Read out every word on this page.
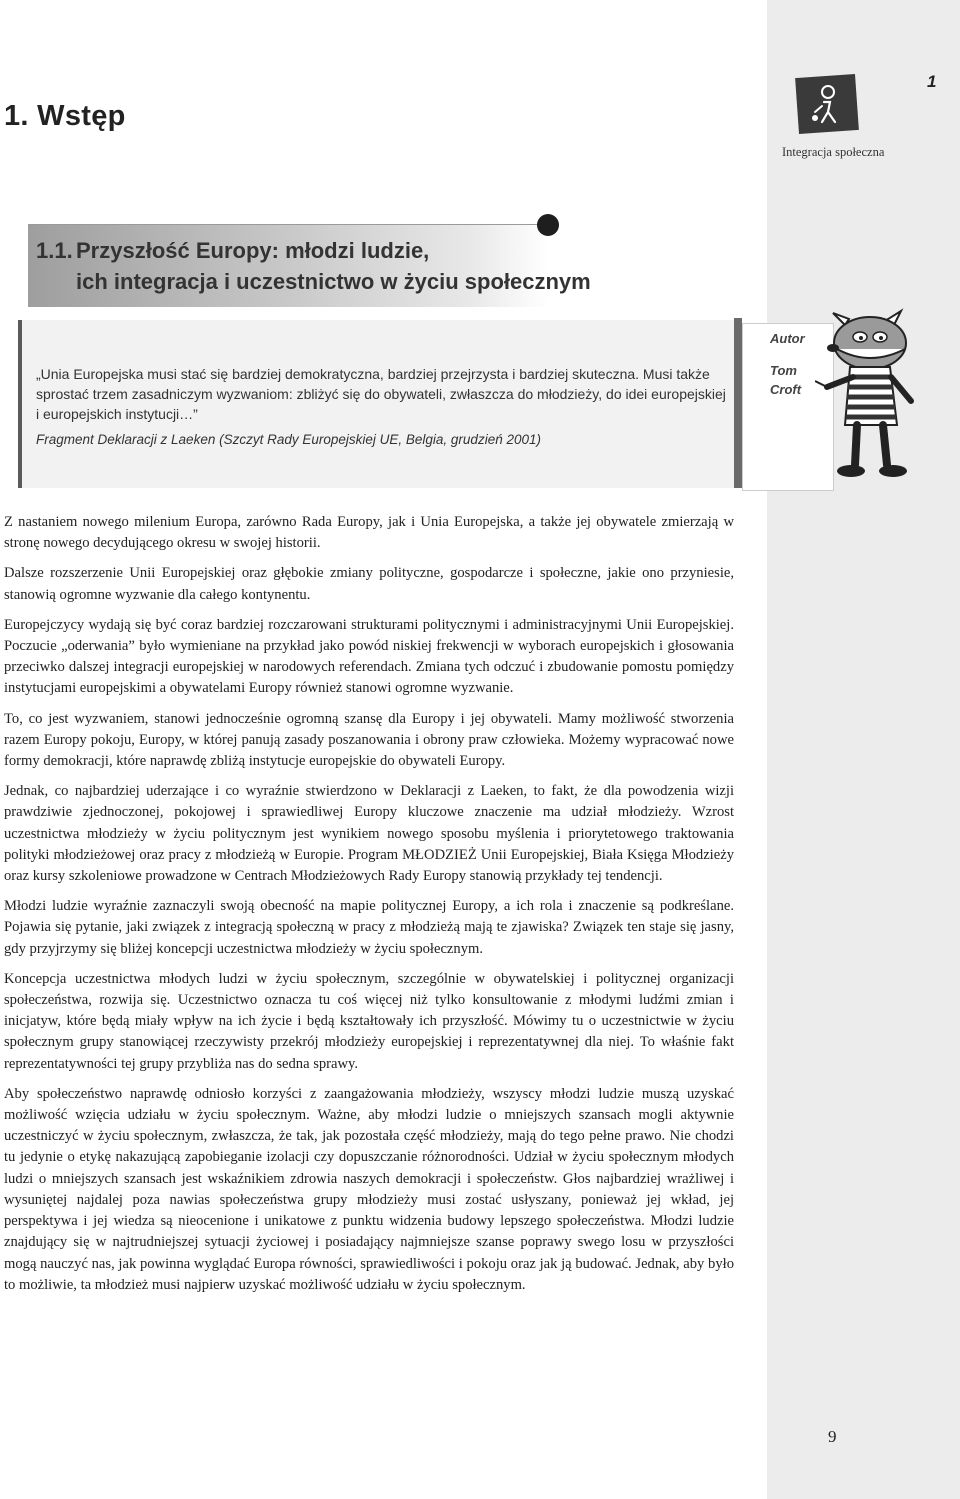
1
Integracja społeczna
1. Wstęp
1.1. Przyszłość Europy: młodzi ludzie,
ich integracja i uczestnictwo w życiu społecznym

„Unia Europejska musi stać się bardziej demokratyczna, bardziej przejrzysta i bardziej skuteczna. Musi także sprostać trzem zasadniczym wyzwaniom: zbliżyć się do obywateli, zwłaszcza do młodzieży, do idei europejskiej i europejskich instytucji…”

Fragment Deklaracji z Laeken (Szczyt Rady Europejskiej UE, Belgia, grudzień 2001)

Autor
Tom
Croft

Z nastaniem nowego milenium Europa, zarówno Rada Europy, jak i Unia Europejska, a także jej obywatele zmierzają w stronę nowego decydującego okresu w swojej historii.

Dalsze rozszerzenie Unii Europejskiej oraz głębokie zmiany polityczne, gospodarcze i społeczne, jakie ono przyniesie, stanowią ogromne wyzwanie dla całego kontynentu.

Europejczycy wydają się być coraz bardziej rozczarowani strukturami politycznymi i administracyjnymi Unii Europejskiej. Poczucie „oderwania” było wymieniane na przykład jako powód niskiej frekwencji w wyborach europejskich i głosowania przeciwko dalszej integracji europejskiej w narodowych referendach. Zmiana tych odczuć i zbudowanie pomostu pomiędzy instytucjami europejskimi a obywatelami Europy również stanowi ogromne wyzwanie.

To, co jest wyzwaniem, stanowi jednocześnie ogromną szansę dla Europy i jej obywateli. Mamy możliwość stworzenia razem Europy pokoju, Europy, w której panują zasady poszanowania i obrony praw człowieka. Możemy wypracować nowe formy demokracji, które naprawdę zbliżą instytucje europejskie do obywateli Europy.

Jednak, co najbardziej uderzające i co wyraźnie stwierdzono w Deklaracji z Laeken, to fakt, że dla powodzenia wizji prawdziwie zjednoczonej, pokojowej i sprawiedliwej Europy kluczowe znaczenie ma udział młodzieży. Wzrost uczestnictwa młodzieży w życiu politycznym jest wynikiem nowego sposobu myślenia i priorytetowego traktowania polityki młodzieżowej oraz pracy z młodzieżą w Europie. Program MŁODZIEŻ Unii Europejskiej, Biała Księga Młodzieży oraz kursy szkoleniowe prowadzone w Centrach Młodzieżowych Rady Europy stanowią przykłady tej tendencji.

Młodzi ludzie wyraźnie zaznaczyli swoją obecność na mapie politycznej Europy, a ich rola i znaczenie są podkreślane. Pojawia się pytanie, jaki związek z integracją społeczną w pracy z młodzieżą mają te zjawiska? Związek ten staje się jasny, gdy przyjrzymy się bliżej koncepcji uczestnictwa młodzieży w życiu społecznym.

Koncepcja uczestnictwa młodych ludzi w życiu społecznym, szczególnie w obywatelskiej i politycznej organizacji społeczeństwa, rozwija się. Uczestnictwo oznacza tu coś więcej niż tylko konsultowanie z młodymi ludźmi zmian i inicjatyw, które będą miały wpływ na ich życie i będą kształtowały ich przyszłość. Mówimy tu o uczestnictwie w życiu społecznym grupy stanowiącej rzeczywisty przekrój młodzieży europejskiej i reprezentatywnej dla niej. To właśnie fakt reprezentatywności tej grupy przybliża nas do sedna sprawy.

Aby społeczeństwo naprawdę odniosło korzyści z zaangażowania młodzieży, wszyscy młodzi ludzie muszą uzyskać możliwość wzięcia udziału w życiu społecznym. Ważne, aby młodzi ludzie o mniejszych szansach mogli aktywnie uczestniczyć w życiu społecznym, zwłaszcza, że tak, jak pozostała część młodzieży, mają do tego pełne prawo. Nie chodzi tu jedynie o etykę nakazującą zapobieganie izolacji czy dopuszczanie różnorodności. Udział w życiu społecznym młodych ludzi o mniejszych szansach jest wskaźnikiem zdrowia naszych demokracji i społeczeństw. Głos najbardziej wrażliwej i wysuniętej najdalej poza nawias społeczeństwa grupy młodzieży musi zostać usłyszany, ponieważ jej wkład, jej perspektywa i jej wiedza są nieocenione i unikatowe z punktu widzenia budowy lepszego społeczeństwa. Młodzi ludzie znajdujący się w najtrudniejszej sytuacji życiowej i posiadający najmniejsze szanse poprawy swego losu w przyszłości mogą nauczyć nas, jak powinna wyglądać Europa równości, sprawiedliwości i pokoju oraz jak ją budować. Jednak, aby było to możliwie, ta młodzież musi najpierw uzyskać możliwość udziału w życiu społecznym.

9
